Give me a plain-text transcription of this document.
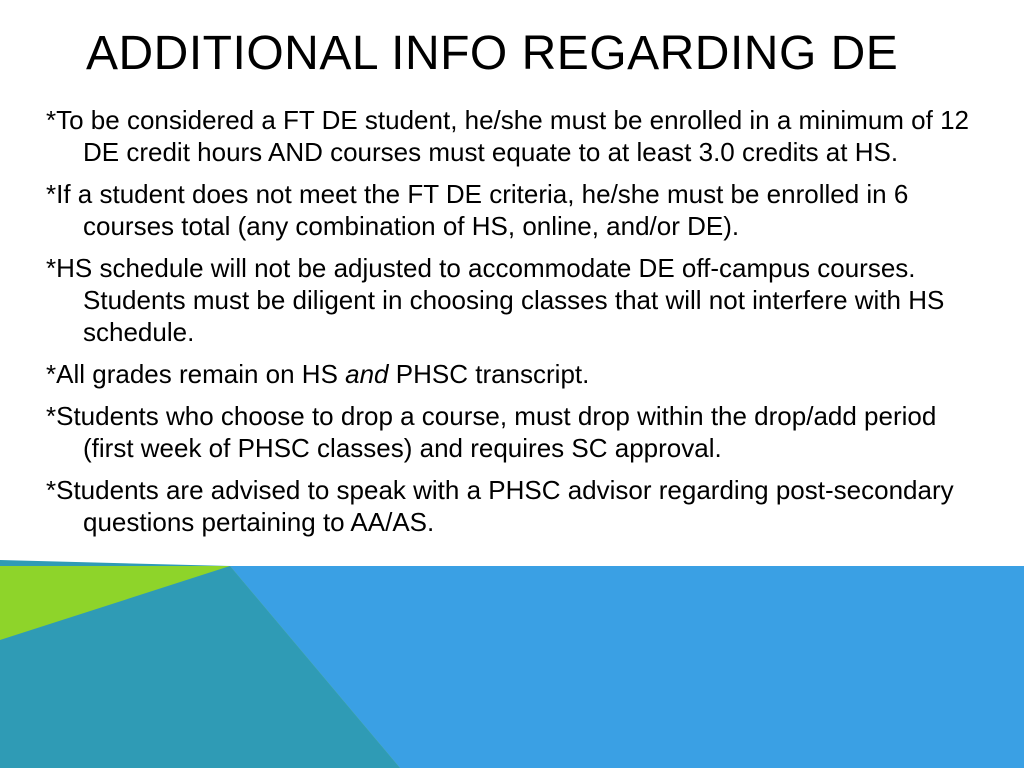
ADDITIONAL INFO REGARDING DE
*To be considered a FT DE student, he/she must be enrolled in a minimum of 12 DE credit hours AND courses must equate to at least 3.0 credits at HS.
*If a student does not meet the FT DE criteria, he/she must be enrolled in 6 courses total (any combination of HS, online, and/or DE).
*HS schedule will not be adjusted to accommodate DE off-campus courses. Students must be diligent in choosing classes that will not interfere with HS schedule.
*All grades remain on HS and PHSC transcript.
*Students who choose to drop a course, must drop within the drop/add period (first week of PHSC classes) and requires SC approval.
*Students are advised to speak with a PHSC advisor regarding post-secondary questions pertaining to AA/AS.
